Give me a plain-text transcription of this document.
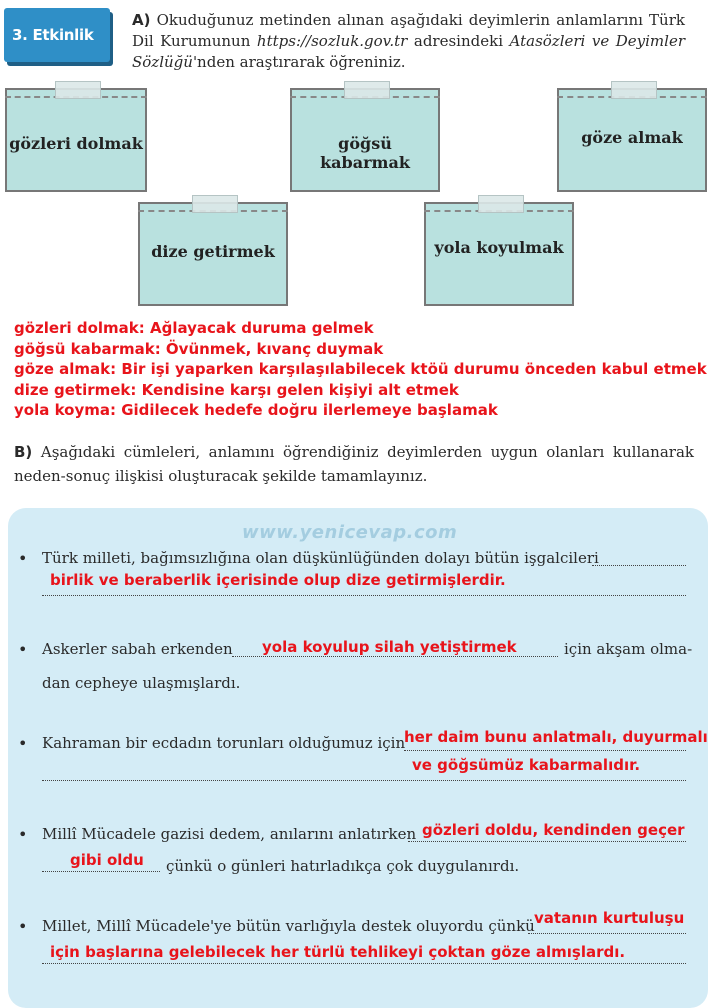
3. Etkinlik
A) Okuduğunuz metinden alınan aşağıdaki deyimlerin anlamlarını Türk Dil Kurumunun https://sozluk.gov.tr adresindeki Atasözleri ve Deyimler Sözlüğü'nden araştırarak öğreniniz.
gözleri dolmak	göğsü kabarmak
göze almak
dize getirmek	yola koyulmak
gözleri dolmak: Ağlayacak duruma gelmek
göğsü kabarmak: Övünmek, kıvanç duymak
göze almak: Bir işi yaparken karşılaşılabilecek ktöü durumu önceden kabul etmek
dize getirmek: Kendisine karşı gelen kişiyi alt etmek
yola koyma: Gidilecek hedefe doğru ilerlemeye başlamak
B) Aşağıdaki cümleleri, anlamını öğrendiğiniz deyimlerden uygun olanları kullanarak neden-sonuç ilişkisi oluşturacak şekilde tamamlayınız.
www.yenicevap.com
• Türk milleti, bağımsızlığına olan düşkünlüğünden dolayı bütün işgalcileri
birlik ve beraberlik içerisinde olup dize getirmişlerdir.
• Askerler sabah erkenden yola koyulup silah yetiştirmek	için akşam olma-
dan cepheye ulaşmışlardı.
• Kahraman bir ecdadın torunları olduğumuz için
her daim bunu anlatmalı, duyurmalı
ve göğsümüz kabarmalıdır.
• Millî Mücadele gazisi dedem, anılarını anlatırken gözleri doldu, kendinden geçer
gibi oldu çünkü o günleri hatırladıkça çok duygulanırdı.
• Millet, Millî Mücadele'ye bütün varlığıyla destek oluyordu çünkü vatanın kurtuluşu
için başlarına gelebilecek her türlü tehlikeyi çoktan göze almışlardı.
